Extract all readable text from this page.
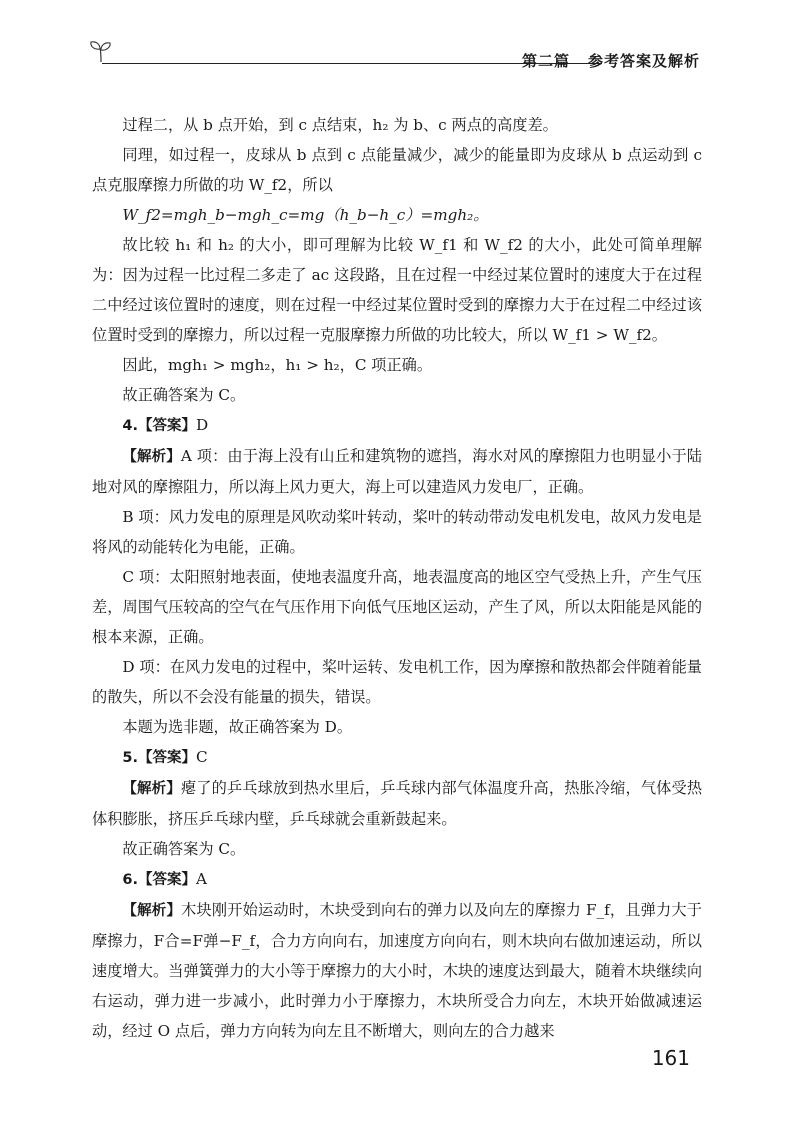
第二篇 参考答案及解析

过程二，从 b 点开始，到 c 点结束，h₂ 为 b、c 两点的高度差。

同理，如过程一，皮球从 b 点到 c 点能量减少，减少的能量即为皮球从 b 点运动到 c 点克服摩擦力所做的功 W_f2，所以

W_f2=mgh_b−mgh_c=mg（h_b−h_c）=mgh₂。

故比较 h₁ 和 h₂ 的大小，即可理解为比较 W_f1 和 W_f2 的大小，此处可简单理解为：因为过程一比过程二多走了 ac 这段路，且在过程一中经过某位置时的速度大于在过程二中经过该位置时的速度，则在过程一中经过某位置时受到的摩擦力大于在过程二中经过该位置时受到的摩擦力，所以过程一克服摩擦力所做的功比较大，所以 W_f1 > W_f2。

因此，mgh₁ > mgh₂，h₁ > h₂，C 项正确。

故正确答案为 C。

4.【答案】D

【解析】A 项：由于海上没有山丘和建筑物的遮挡，海水对风的摩擦阻力也明显小于陆地对风的摩擦阻力，所以海上风力更大，海上可以建造风力发电厂，正确。

B 项：风力发电的原理是风吹动桨叶转动，桨叶的转动带动发电机发电，故风力发电是将风的动能转化为电能，正确。

C 项：太阳照射地表面，使地表温度升高，地表温度高的地区空气受热上升，产生气压差，周围气压较高的空气在气压作用下向低气压地区运动，产生了风，所以太阳能是风能的根本来源，正确。

D 项：在风力发电的过程中，桨叶运转、发电机工作，因为摩擦和散热都会伴随着能量的散失，所以不会没有能量的损失，错误。

本题为选非题，故正确答案为 D。

5.【答案】C

【解析】瘪了的乒乓球放到热水里后，乒乓球内部气体温度升高，热胀冷缩，气体受热体积膨胀，挤压乒乓球内壁，乒乓球就会重新鼓起来。

故正确答案为 C。

6.【答案】A

【解析】木块刚开始运动时，木块受到向右的弹力以及向左的摩擦力 F_f，且弹力大于摩擦力，F合=F弹−F_f，合力方向向右，加速度方向向右，则木块向右做加速运动，所以速度增大。当弹簧弹力的大小等于摩擦力的大小时，木块的速度达到最大，随着木块继续向右运动，弹力进一步减小，此时弹力小于摩擦力，木块所受合力向左，木块开始做减速运动，经过 O 点后，弹力方向转为向左且不断增大，则向左的合力越来

161
